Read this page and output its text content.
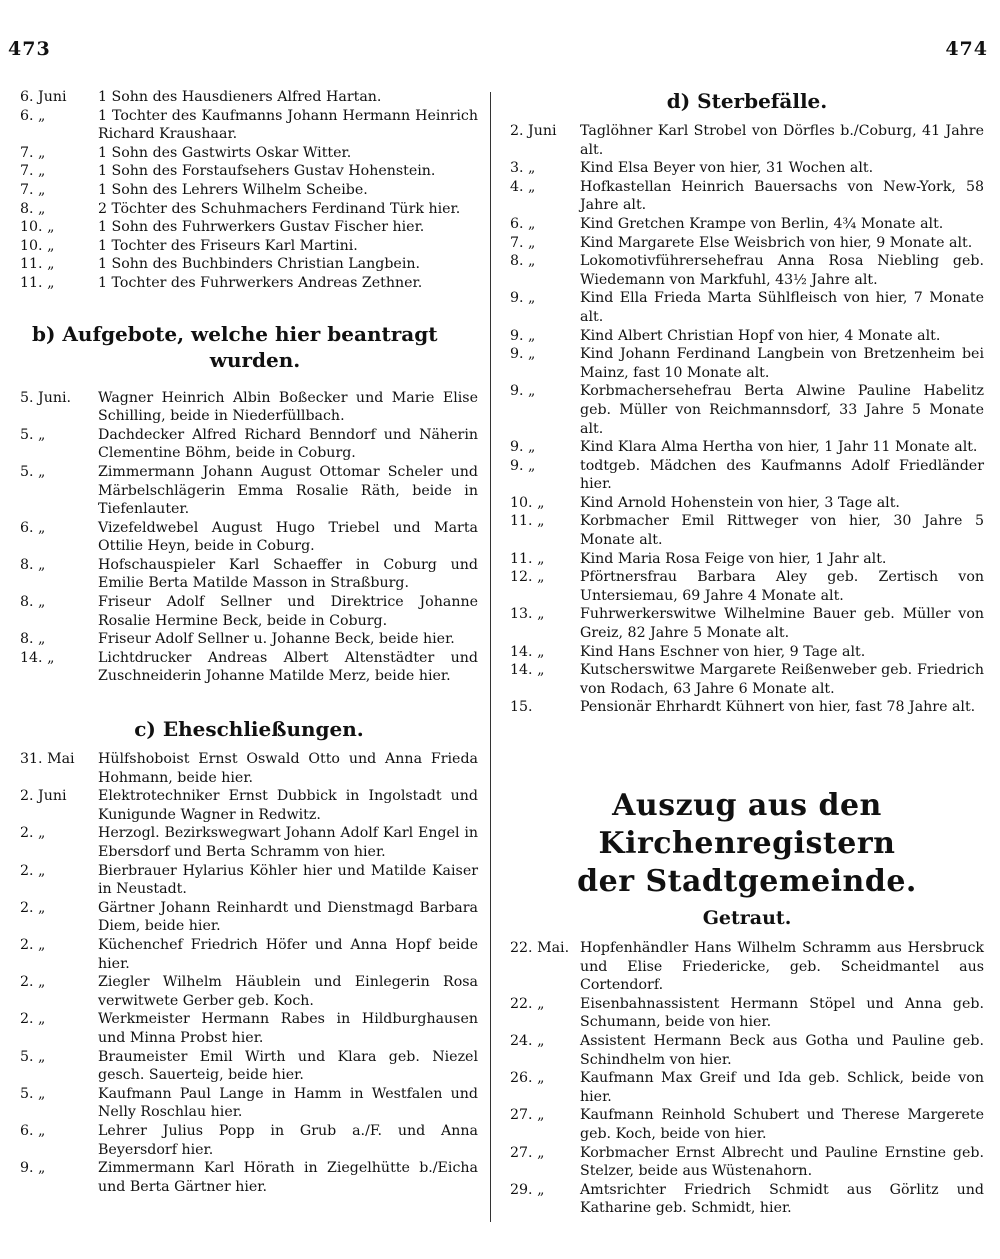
473	474
6. Juni	1 Sohn des Hausdieners Alfred Hartan.
6. „	1 Tochter des Kaufmanns Johann Hermann Heinrich Richard Kraushaar.
7. „	1 Sohn des Gastwirts Oskar Witter.
7. „	1 Sohn des Forstaufsehers Gustav Hohenstein.
7. „	1 Sohn des Lehrers Wilhelm Scheibe.
8. „	2 Töchter des Schuhmachers Ferdinand Türk hier.
10. „	1 Sohn des Fuhrwerkers Gustav Fischer hier.
10. „	1 Tochter des Friseurs Karl Martini.
11. „	1 Sohn des Buchbinders Christian Langbein.
11. „	1 Tochter des Fuhrwerkers Andreas Zethner.
b) Aufgebote, welche hier beantragt
wurden.
5. Juni.	Wagner Heinrich Albin Boßecker und Marie Elise Schilling, beide in Niederfüllbach.
5. „	Dachdecker Alfred Richard Benndorf und Näherin Clementine Böhm, beide in Coburg.
5. „	Zimmermann Johann August Ottomar Scheler und Märbelschlägerin Emma Rosalie Räth, beide in Tiefenlauter.
6. „	Vizefeldwebel August Hugo Triebel und Marta Ottilie Heyn, beide in Coburg.
8. „	Hofschauspieler Karl Schaeffer in Coburg und Emilie Berta Matilde Masson in Straßburg.
8. „	Friseur Adolf Sellner und Direktrice Johanne Rosalie Hermine Beck, beide in Coburg.
8. „	Friseur Adolf Sellner u. Johanne Beck, beide hier.
14. „	Lichtdrucker Andreas Albert Altenstädter und Zuschneiderin Johanne Matilde Merz, beide hier.
c) Eheschließungen.
31. Mai	Hülfshoboist Ernst Oswald Otto und Anna Frieda Hohmann, beide hier.
2. Juni	Elektrotechniker Ernst Dubbick in Ingolstadt und Kunigunde Wagner in Redwitz.
2. „	Herzogl. Bezirkswegwart Johann Adolf Karl Engel in Ebersdorf und Berta Schramm von hier.
2. „	Bierbrauer Hylarius Köhler hier und Matilde Kaiser in Neustadt.
2. „	Gärtner Johann Reinhardt und Dienstmagd Barbara Diem, beide hier.
2. „	Küchenchef Friedrich Höfer und Anna Hopf beide hier.
2. „	Ziegler Wilhelm Häublein und Einlegerin Rosa verwitwete Gerber geb. Koch.
2. „	Werkmeister Hermann Rabes in Hildburghausen und Minna Probst hier.
5. „	Braumeister Emil Wirth und Klara geb. Niezel gesch. Sauerteig, beide hier.
5. „	Kaufmann Paul Lange in Hamm in Westfalen und Nelly Roschlau hier.
6. „	Lehrer Julius Popp in Grub a./F. und Anna Beyersdorf hier.
9. „	Zimmermann Karl Hörath in Ziegelhütte b./Eicha und Berta Gärtner hier.
d) Sterbefälle.
2. Juni	Taglöhner Karl Strobel von Dörfles b./Coburg, 41 Jahre alt.
3. „	Kind Elsa Beyer von hier, 31 Wochen alt.
4. „	Hofkastellan Heinrich Bauersachs von New-York, 58 Jahre alt.
6. „	Kind Gretchen Krampe von Berlin, 4¾ Monate alt.
7. „	Kind Margarete Else Weisbrich von hier, 9 Monate alt.
8. „	Lokomotivführersehefrau Anna Rosa Niebling geb. Wiedemann von Markfuhl, 43½ Jahre alt.
9. „	Kind Ella Frieda Marta Sühlfleisch von hier, 7 Monate alt.
9. „	Kind Albert Christian Hopf von hier, 4 Monate alt.
9. „	Kind Johann Ferdinand Langbein von Bretzenheim bei Mainz, fast 10 Monate alt.
9. „	Korbmachersehefrau Berta Alwine Pauline Habelitz geb. Müller von Reichmannsdorf, 33 Jahre 5 Monate alt.
9. „	Kind Klara Alma Hertha von hier, 1 Jahr 11 Monate alt.
9. „	todtgeb. Mädchen des Kaufmanns Adolf Friedländer hier.
10. „	Kind Arnold Hohenstein von hier, 3 Tage alt.
11. „	Korbmacher Emil Rittweger von hier, 30 Jahre 5 Monate alt.
11. „	Kind Maria Rosa Feige von hier, 1 Jahr alt.
12. „	Pförtnersfrau Barbara Aley geb. Zertisch von Untersiemau, 69 Jahre 4 Monate alt.
13. „	Fuhrwerkerswitwe Wilhelmine Bauer geb. Müller von Greiz, 82 Jahre 5 Monate alt.
14. „	Kind Hans Eschner von hier, 9 Tage alt.
14. „	Kutscherswitwe Margarete Reißenweber geb. Friedrich von Rodach, 63 Jahre 6 Monate alt.
15.	Pensionär Ehrhardt Kühnert von hier, fast 78 Jahre alt.
Auszug aus den Kirchenregistern
der Stadtgemeinde.
Getraut.
22. Mai. Hopfenhändler Hans Wilhelm Schramm aus Hersbruck und Elise Friedericke, geb. Scheidmantel aus Cortendorf.
22. „	Eisenbahnassistent Hermann Stöpel und Anna geb. Schumann, beide von hier.
24. „	Assistent Hermann Beck aus Gotha und Pauline geb. Schindhelm von hier.
26. „	Kaufmann Max Greif und Ida geb. Schlick, beide von hier.
27. „	Kaufmann Reinhold Schubert und Therese Margerete geb. Koch, beide von hier.
27. „	Korbmacher Ernst Albrecht und Pauline Ernstine geb. Stelzer, beide aus Wüstenahorn.
29. „	Amtsrichter Friedrich Schmidt aus Görlitz und Katharine geb. Schmidt, hier.
